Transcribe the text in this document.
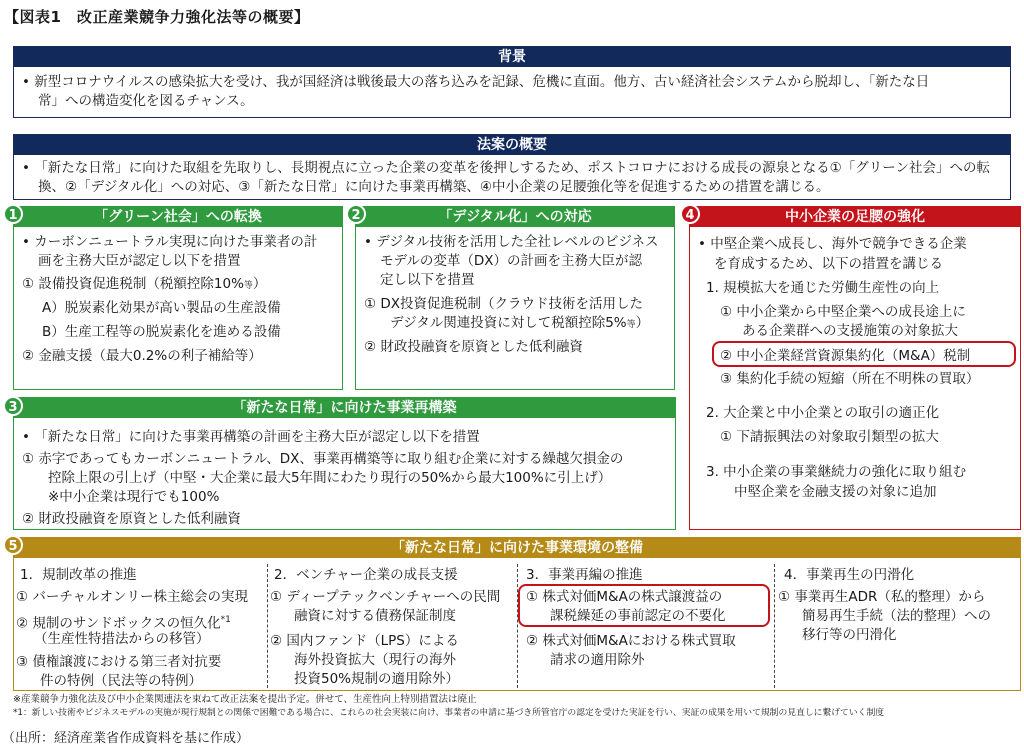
【図表1　改正産業競争力強化法等の概要】
背景
• 新型コロナウイルスの感染拡大を受け、我が国経済は戦後最大の落ち込みを記録、危機に直面。他方、古い経済社会システムから脱却し、「新たな日
常」への構造変化を図るチャンス。
法案の概要
• 「新たな日常」に向けた取組を先取りし、長期視点に立った企業の変革を後押しするため、ポストコロナにおける成長の源泉となる①「グリーン社会」への転
換、②「デジタル化」への対応、③「新たな日常」に向けた事業再構築、④中小企業の足腰強化等を促進するための措置を講じる。
「グリーン社会」への転換
• カーボンニュートラル実現に向けた事業者の計
画を主務大臣が認定し以下を措置
① 設備投資促進税制（税額控除10%等）
A）脱炭素化効果が高い製品の生産設備
B）生産工程等の脱炭素化を進める設備
② 金融支援（最大0.2%の利子補給等）
1	「デジタル化」への対応
• デジタル技術を活用した全社レベルのビジネス
モデルの変革（DX）の計画を主務大臣が認
定し以下を措置
① DX投資促進税制（クラウド技術を活用した
デジタル関連投資に対して税額控除5%等）
② 財政投融資を原資とした低利融資
2	中小企業の足腰の強化
• 中堅企業へ成長し、海外で競争できる企業
を育成するため、以下の措置を講じる
1. 規模拡大を通じた労働生産性の向上
① 中小企業から中堅企業への成長途上に
ある企業群への支援施策の対象拡大
② 中小企業経営資源集約化（M&A）税制
③ 集約化手続の短縮（所在不明株の買取）
2. 大企業と中小企業との取引の適正化
① 下請振興法の対象取引類型の拡大
3. 中小企業の事業継続力の強化に取り組む
中堅企業を金融支援の対象に追加
4
「新たな日常」に向けた事業再構築
• 「新たな日常」に向けた事業再構築の計画を主務大臣が認定し以下を措置
① 赤字であってもカーボンニュートラル、DX、事業再構築等に取り組む企業に対する繰越欠損金の
控除上限の引上げ（中堅・大企業に最大5年間にわたり現行の50%から最大100%に引上げ）
※中小企業は現行でも100%
② 財政投融資を原資とした低利融資
3
「新たな日常」に向けた事業環境の整備
1．規制改革の推進
① バーチャルオンリー株主総会の実現
② 規制のサンドボックスの恒久化$^{*1}$
（生産性特措法からの移管）
③ 債権譲渡における第三者対抗要
件の特例（民法等の特例）
2．ベンチャー企業の成長支援
① ディープテックベンチャーへの民間
融資に対する債務保証制度
② 国内ファンド（LPS）による
海外投資拡大（現行の海外
投資50%規制の適用除外）
3．事業再編の推進
① 株式対価M&Aの株式譲渡益の
課税繰延の事前認定の不要化
② 株式対価M&Aにおける株式買取
請求の適用除外
4．事業再生の円滑化
① 事業再生ADR（私的整理）から
簡易再生手続（法的整理）への
移行等の円滑化
5
※産業競争力強化法及び中小企業関連法を束ねて改正法案を提出予定。併せて、生産性向上特別措置法は廃止
*1：新しい技術やビジネスモデルの実施が現行規制との関係で困難である場合に、これらの社会実装に向け、事業者の申請に基づき所管官庁の認定を受けた実証を行い、実証の成果を用いて規制の見直しに繋げていく制度
（出所：経済産業省作成資料を基に作成）
